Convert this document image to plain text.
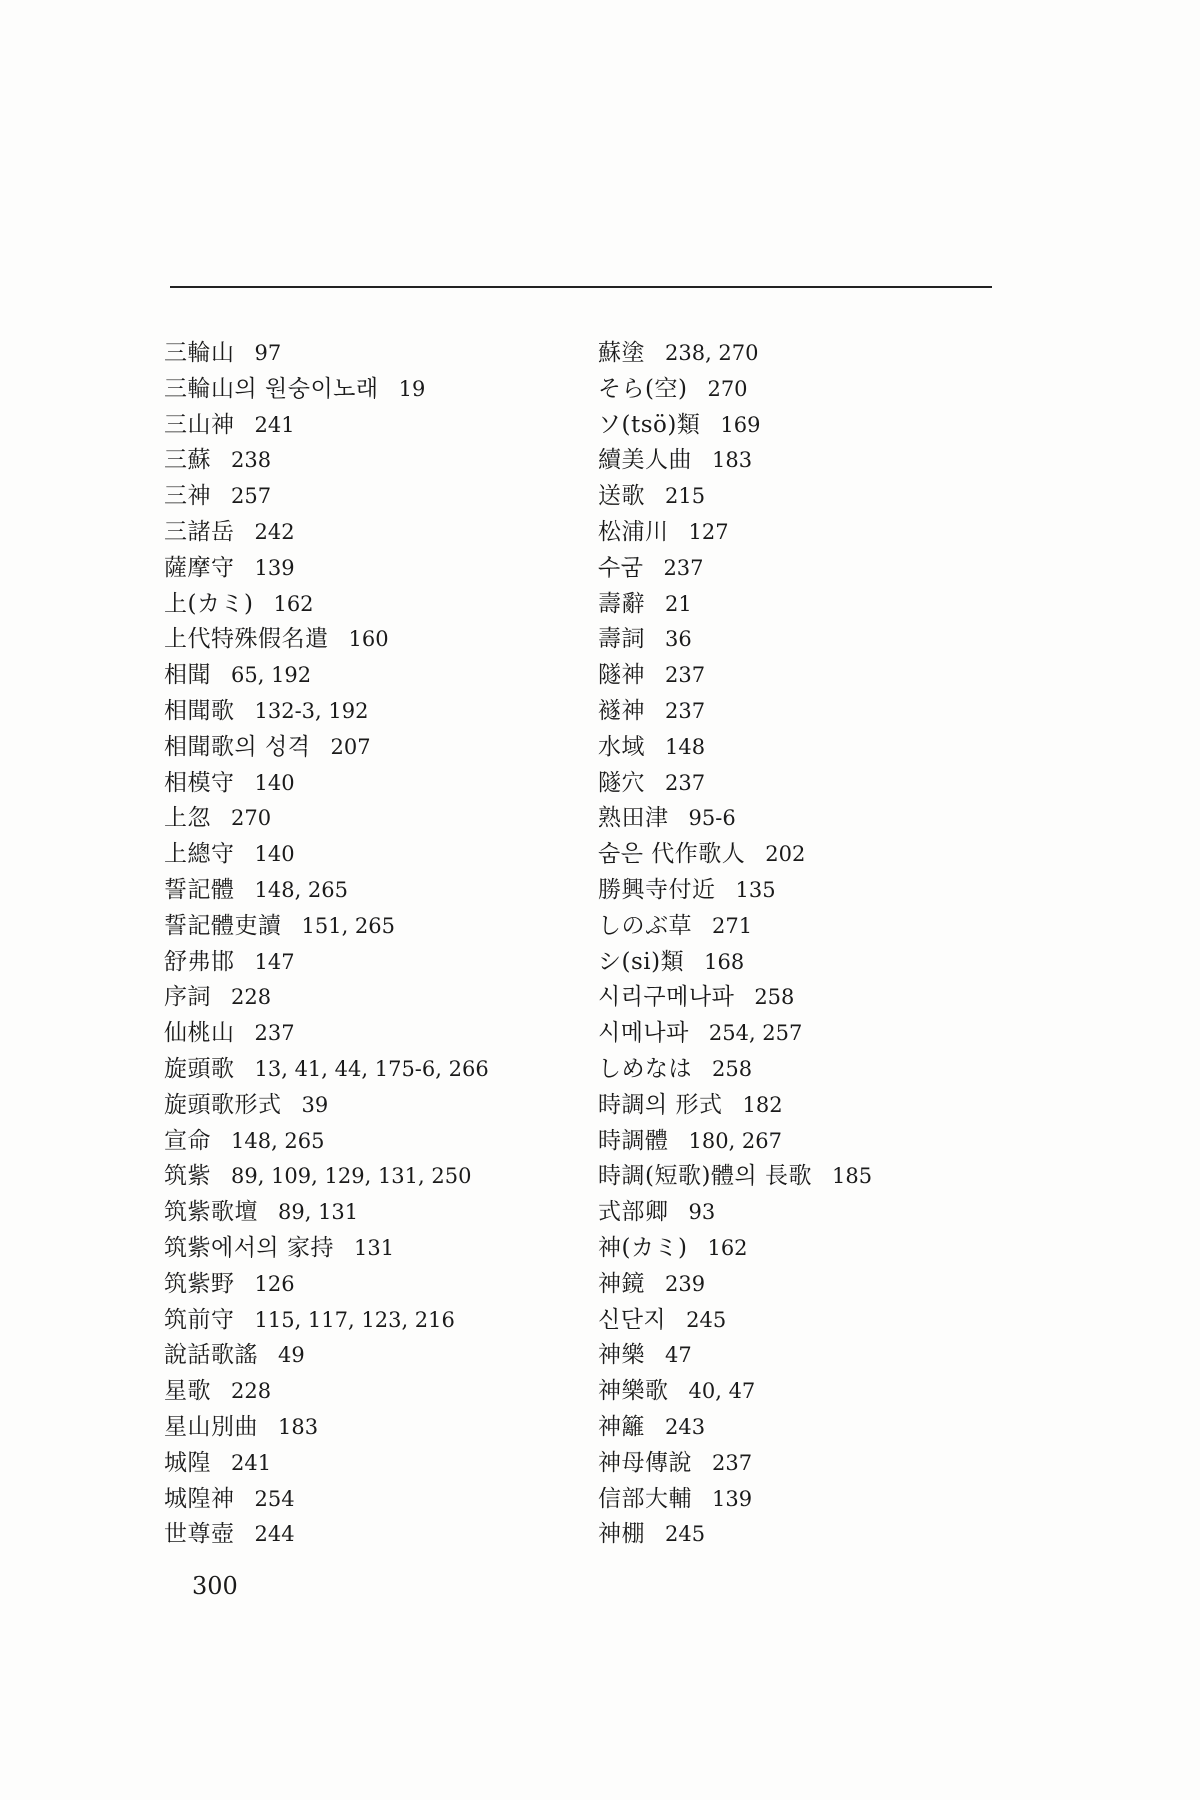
三輪山 97
三輪山의 원숭이노래 19
三山神 241
三蘇 238
三神 257
三諸岳 242
薩摩守 139
上(カミ) 162
上代特殊假名遣 160
相聞 65, 192
相聞歌 132-3, 192
相聞歌의 성격 207
相模守 140
上忽 270
上總守 140
誓記體 148, 265
誓記體吏讀 151, 265
舒弗邯 147
序詞 228
仙桃山 237
旋頭歌 13, 41, 44, 175-6, 266
旋頭歌形式 39
宣命 148, 265
筑紫 89, 109, 129, 131, 250
筑紫歌壇 89, 131
筑紫에서의 家持 131
筑紫野 126
筑前守 115, 117, 123, 216
說話歌謠 49
星歌 228
星山別曲 183
城隍 241
城隍神 254
世尊壺 244
蘇塗 238, 270
そら(空) 270
ソ(tsö)類 169
續美人曲 183
送歌 215
松浦川 127
수굼 237
壽辭 21
壽詞 36
隧神 237
襚神 237
水域 148
隧穴 237
熟田津 95-6
숨은 代作歌人 202
勝興寺付近 135
しのぶ草 271
シ(si)類 168
시리구메나파 258
시메나파 254, 257
しめなは 258
時調의 形式 182
時調體 180, 267
時調(短歌)體의 長歌 185
式部卿 93
神(カミ) 162
神鏡 239
신단지 245
神樂 47
神樂歌 40, 47
神籬 243
神母傳說 237
信部大輔 139
神棚 245
300
